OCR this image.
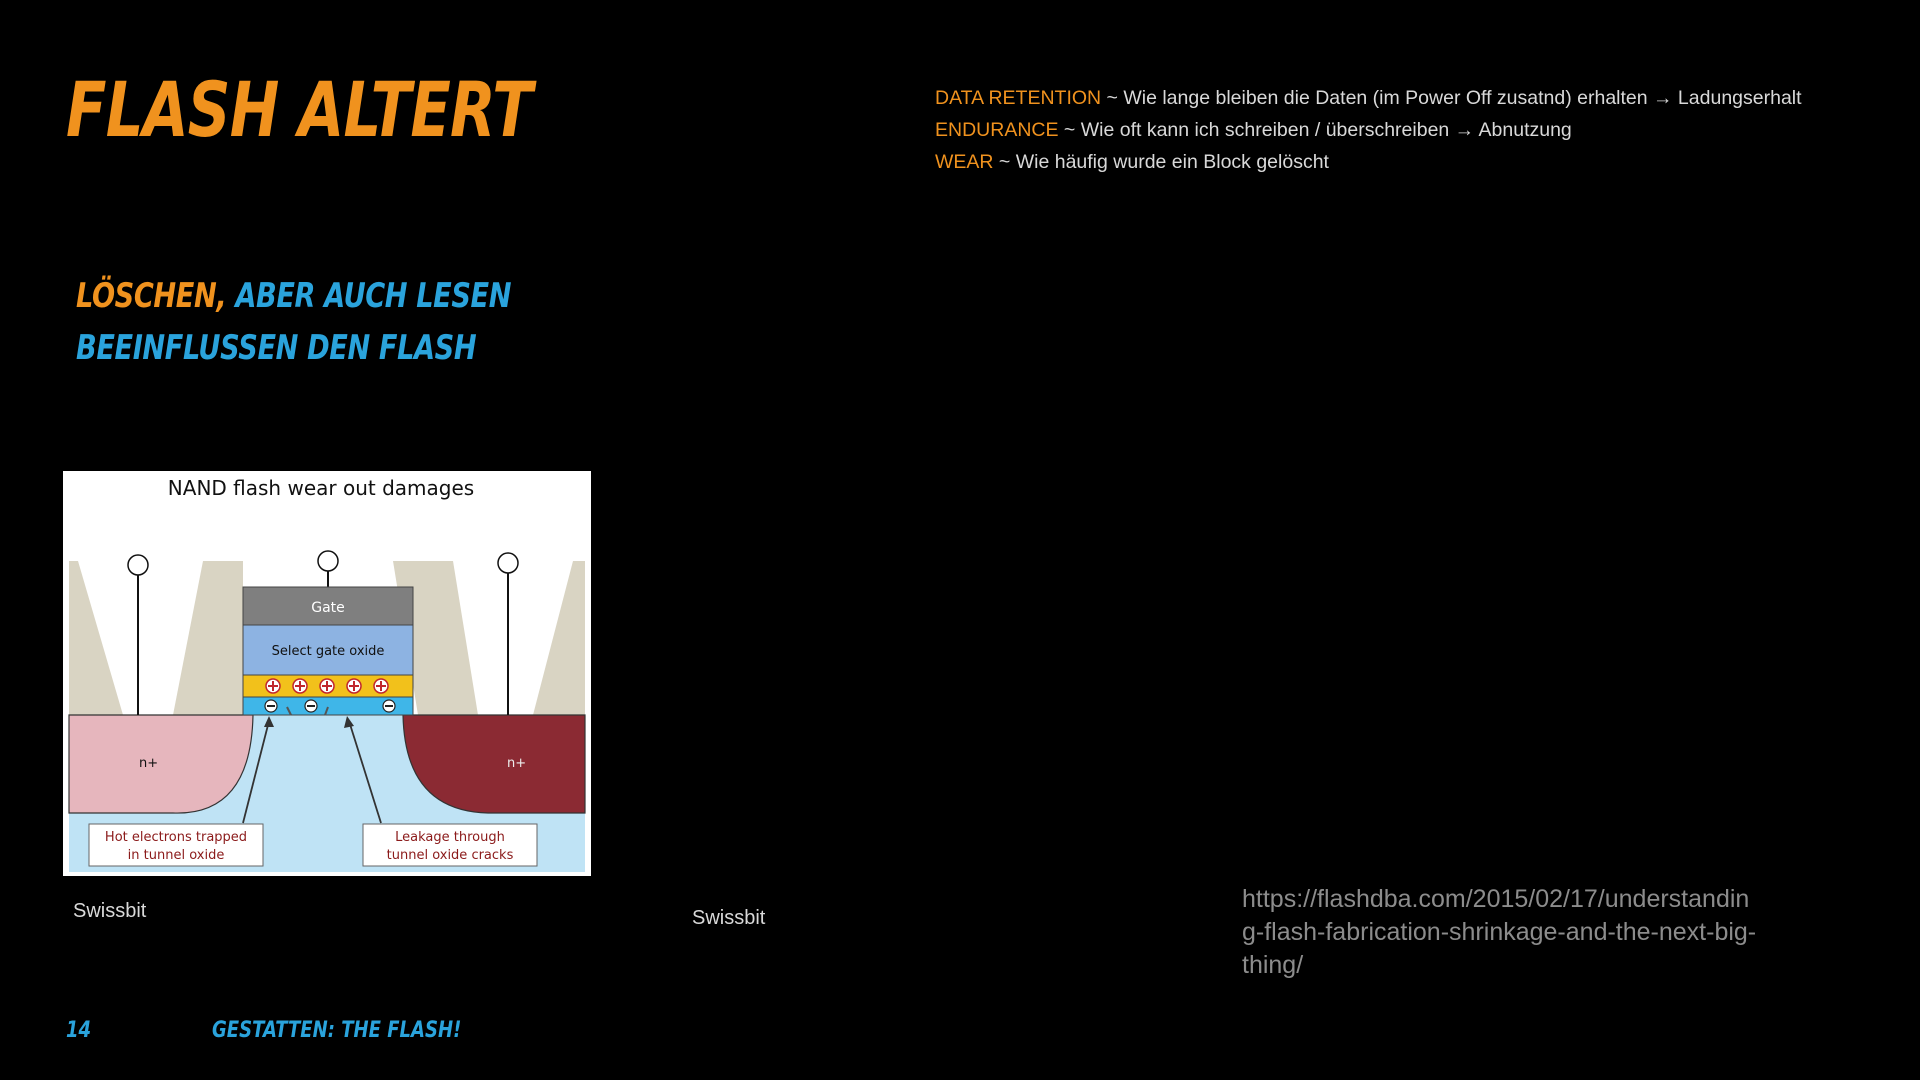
FLASH ALTERT

LÖSCHEN, ABER AUCH LESEN BEEINFLUSSEN DEN FLASH

DATA RETENTION ~ Wie lange bleiben die Daten (im Power Off zusatnd) erhalten → Ladungserhalt
ENDURANCE ~ Wie oft kann ich schreiben / überschreiben → Abnutzung
WEAR ~ Wie häufig wurde ein Block gelöscht
NAND flash wear out damages
n+	n+
Gate
Select gate oxide
Hot electrons trapped
in tunnel oxide
Leakage through
tunnel oxide cracks
Swissbit	Swissbit
https://flashdba.com/2015/02/17/understanding-flash-fabrication-shrinkage-and-the-next-big-thing/
14	GESTATTEN: THE FLASH!
